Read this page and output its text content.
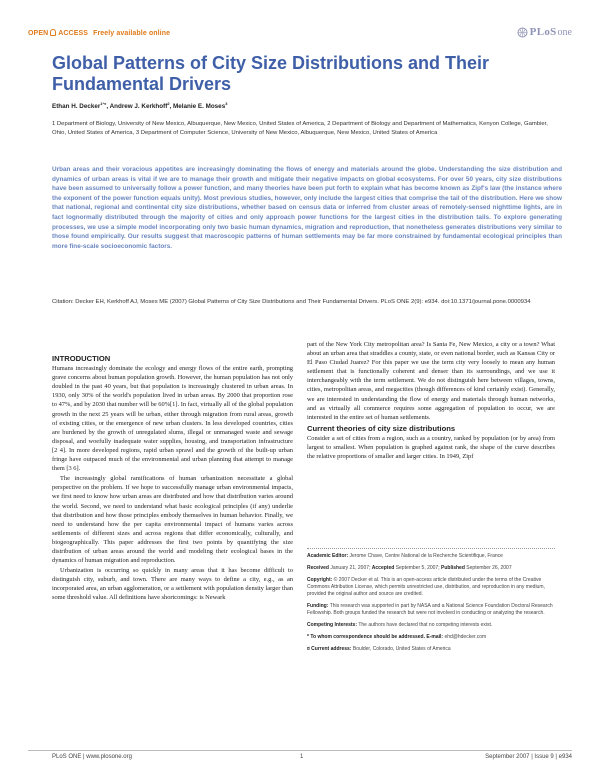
OPEN ACCESS Freely available online	PLoSone
Global Patterns of City Size Distributions and Their Fundamental Drivers
Ethan H. Decker$^{1*¤}$, Andrew J. Kerkhoff$^2$, Melanie E. Moses$^3$
1 Department of Biology, University of New Mexico, Albuquerque, New Mexico, United States of America, 2 Department of Biology and Department of Mathematics, Kenyon College, Gambier, Ohio, United States of America, 3 Department of Computer Science, University of New Mexico, Albuquerque, New Mexico, United States of America
Urban areas and their voracious appetites are increasingly dominating the flows of energy and materials around the globe. Understanding the size distribution and dynamics of urban areas is vital if we are to manage their growth and mitigate their negative impacts on global ecosystems. For over 50 years, city size distributions have been assumed to universally follow a power function, and many theories have been put forth to explain what has become known as Zipf's law (the instance where the exponent of the power function equals unity). Most previous studies, however, only include the largest cities that comprise the tail of the distribution. Here we show that national, regional and continental city size distributions, whether based on census data or inferred from cluster areas of remotely-sensed nighttime lights, are in fact lognormally distributed through the majority of cities and only approach power functions for the largest cities in the distribution tails. To explore generating processes, we use a simple model incorporating only two basic human dynamics, migration and reproduction, that nonetheless generates distributions very similar to those found empirically. Our results suggest that macroscopic patterns of human settlements may be far more constrained by fundamental ecological principles than more fine-scale socioeconomic factors.
Citation: Decker EH, Kerkhoff AJ, Moses ME (2007) Global Patterns of City Size Distributions and Their Fundamental Drivers. PLoS ONE 2(9): e934. doi:10.1371/journal.pone.0000934
INTRODUCTION

Humans increasingly dominate the ecology and energy flows of the entire earth, prompting grave concerns about human population growth. However, the human population has not only doubled in the past 40 years, but that population is increasingly clustered in urban areas. In 1930, only 30% of the world's population lived in urban areas. By 2000 that proportion rose to 47%, and by 2030 that number will be 60%[1]. In fact, virtually all of the global population growth in the next 25 years will be urban, either through migration from rural areas, growth of existing cities, or the emergence of new urban clusters. In less developed countries, cities are burdened by the growth of unregulated slums, illegal or unmanaged waste and sewage disposal, and woefully inadequate water supplies, housing, and transportation infrastructure [2 4]. In more developed regions, rapid urban sprawl and the growth of the built-up urban fringe have outpaced much of the environmental and urban planning that attempt to manage them [3 6].

The increasingly global ramifications of human urbanization necessitate a global perspective on the problem. If we hope to successfully manage urban environmental impacts, we first need to know how urban areas are distributed and how that distribution varies around the world. Second, we need to understand what basic ecological principles (if any) underlie that distribution and how those principles embody themselves in human behavior. Finally, we need to understand how the per capita environmental impact of humans varies across settlements of different sizes and across regions that differ economically, culturally, and biogeographically. This paper addresses the first two points by quantifying the size distribution of urban areas around the world and modeling their ecological bases in the dynamics of human migration and reproduction.

Urbanization is occurring so quickly in many areas that it has become difficult to distinguish city, suburb, and town. There are many ways to define a city, e.g., as an incorporated area, an urban agglomeration, or a settlement with population density larger than some threshold value. All definitions have shortcomings: is Newark

part of the New York City metropolitan area? Is Santa Fe, New Mexico, a city or a town? What about an urban area that straddles a county, state, or even national border, such as Kansas City or El Paso Ciudad Juarez? For this paper we use the term city very loosely to mean any human settlement that is functionally coherent and denser than its surroundings, and we use it interchangeably with the term settlement. We do not distinguish here between villages, towns, cities, metropolitan areas, and megacities (though differences of kind certainly exist). Generally, we are interested in understanding the flow of energy and materials through human networks, and as virtually all commerce requires some aggregation of population to occur, we are interested in the entire set of human settlements.

Current theories of city size distributions

Consider a set of cities from a region, such as a country, ranked by population (or by area) from largest to smallest. When population is graphed against rank, the shape of the curve describes the relative proportions of smaller and larger cities. In 1949, Zipf

Academic Editor: Jerome Chave, Centre National de la Recherche Scientifique, France
Received January 21, 2007; Accepted September 5, 2007; Published September 26, 2007
Copyright: © 2007 Decker et al. This is an open-access article distributed under the terms of the Creative Commons Attribution License, which permits unrestricted use, distribution, and reproduction in any medium, provided the original author and source are credited.
Funding: This research was supported in part by NASA and a National Science Foundation Doctoral Research Fellowship. Both groups funded the research but were not involved in conducting or analyzing the research.
Competing Interests: The authors have declared that no competing interests exist.
* To whom correspondence should be addressed. E-mail: ehd@hdecker.com
¤ Current address: Boulder, Colorado, United States of America
PLoS ONE | www.plosone.org	1	September 2007 | Issue 9 | e934
